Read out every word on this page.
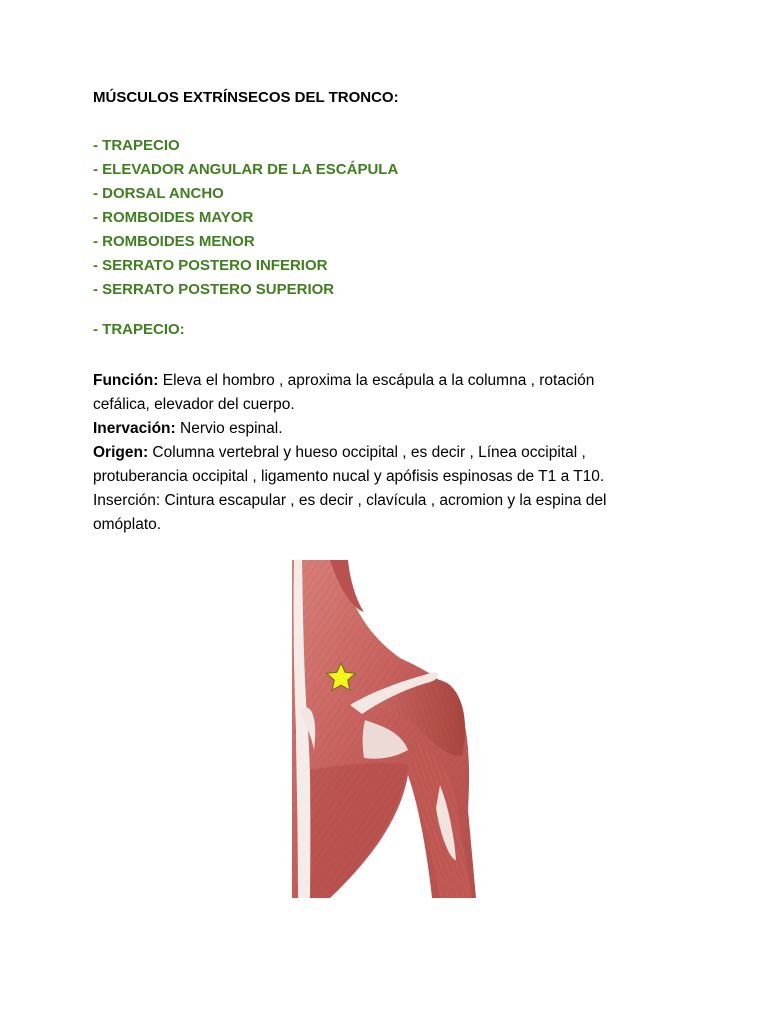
MÚSCULOS EXTRÍNSECOS DEL TRONCO:
- TRAPECIO
- ELEVADOR ANGULAR DE LA ESCÁPULA
- DORSAL ANCHO
- ROMBOIDES MAYOR
- ROMBOIDES MENOR
- SERRATO POSTERO INFERIOR
- SERRATO POSTERO SUPERIOR
- TRAPECIO:

Función: Eleva el hombro , aproxima la escápula a la columna , rotación cefálica, elevador del cuerpo.

Inervación: Nervio espinal.

Origen: Columna vertebral y hueso occipital , es decir , Línea occipital , protuberancia occipital , ligamento nucal y apófisis espinosas de T1 a T10.

Inserción: Cintura escapular , es decir , clavícula , acromion y la espina del omóplato.
